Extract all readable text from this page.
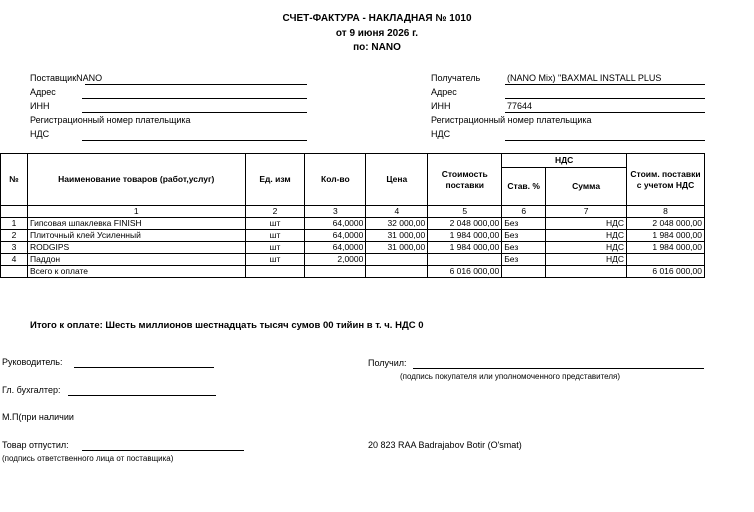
СЧЕТ-ФАКТУРА - НАКЛАДНАЯ № 1010
от 9 июня 2026 г.
по: NANO
ПоставщикNANO
Адрес
ИНН
Регистрационный номер плательщика
НДС
Получатель	(NANO Mix) "BAXMAL INSTALL PLUS
Адрес
ИНН	77644
Регистрационный номер плательщика
НДС
№	Наименование товаров (работ,услуг)	Ед. изм	Кол-во	Цена	Стоимость поставки	НДС		Стоим. поставки с учетом НДС
						Став. %	Сумма	
	1	2	3	4	5	6	7	8
1	Гипсовая шпаклевка FINISH	шт	64,0000	32 000,00	2 048 000,00	Без	НДС	2 048 000,00
2	Плиточный клей Усиленный	шт	64,0000	31 000,00	1 984 000,00	Без	НДС	1 984 000,00
3	RODGIPS	шт	64,0000	31 000,00	1 984 000,00	Без	НДС	1 984 000,00
4	Паддон	шт	2,0000			Без	НДС	
	Всего к оплате				6 016 000,00			6 016 000,00
Итого к оплате: Шесть миллионов шестнадцать тысяч сумов 00 тийин в т. ч. НДС 0
Руководитель:
Гл. бухгалтер:
М.П(при наличии
Товар отпустил:
(подпись ответственного лица от поставщика)
Получил:
(подпись покупателя или уполномоченного представителя)
20 823 RAA Badrajabov Botir (O'smat)
